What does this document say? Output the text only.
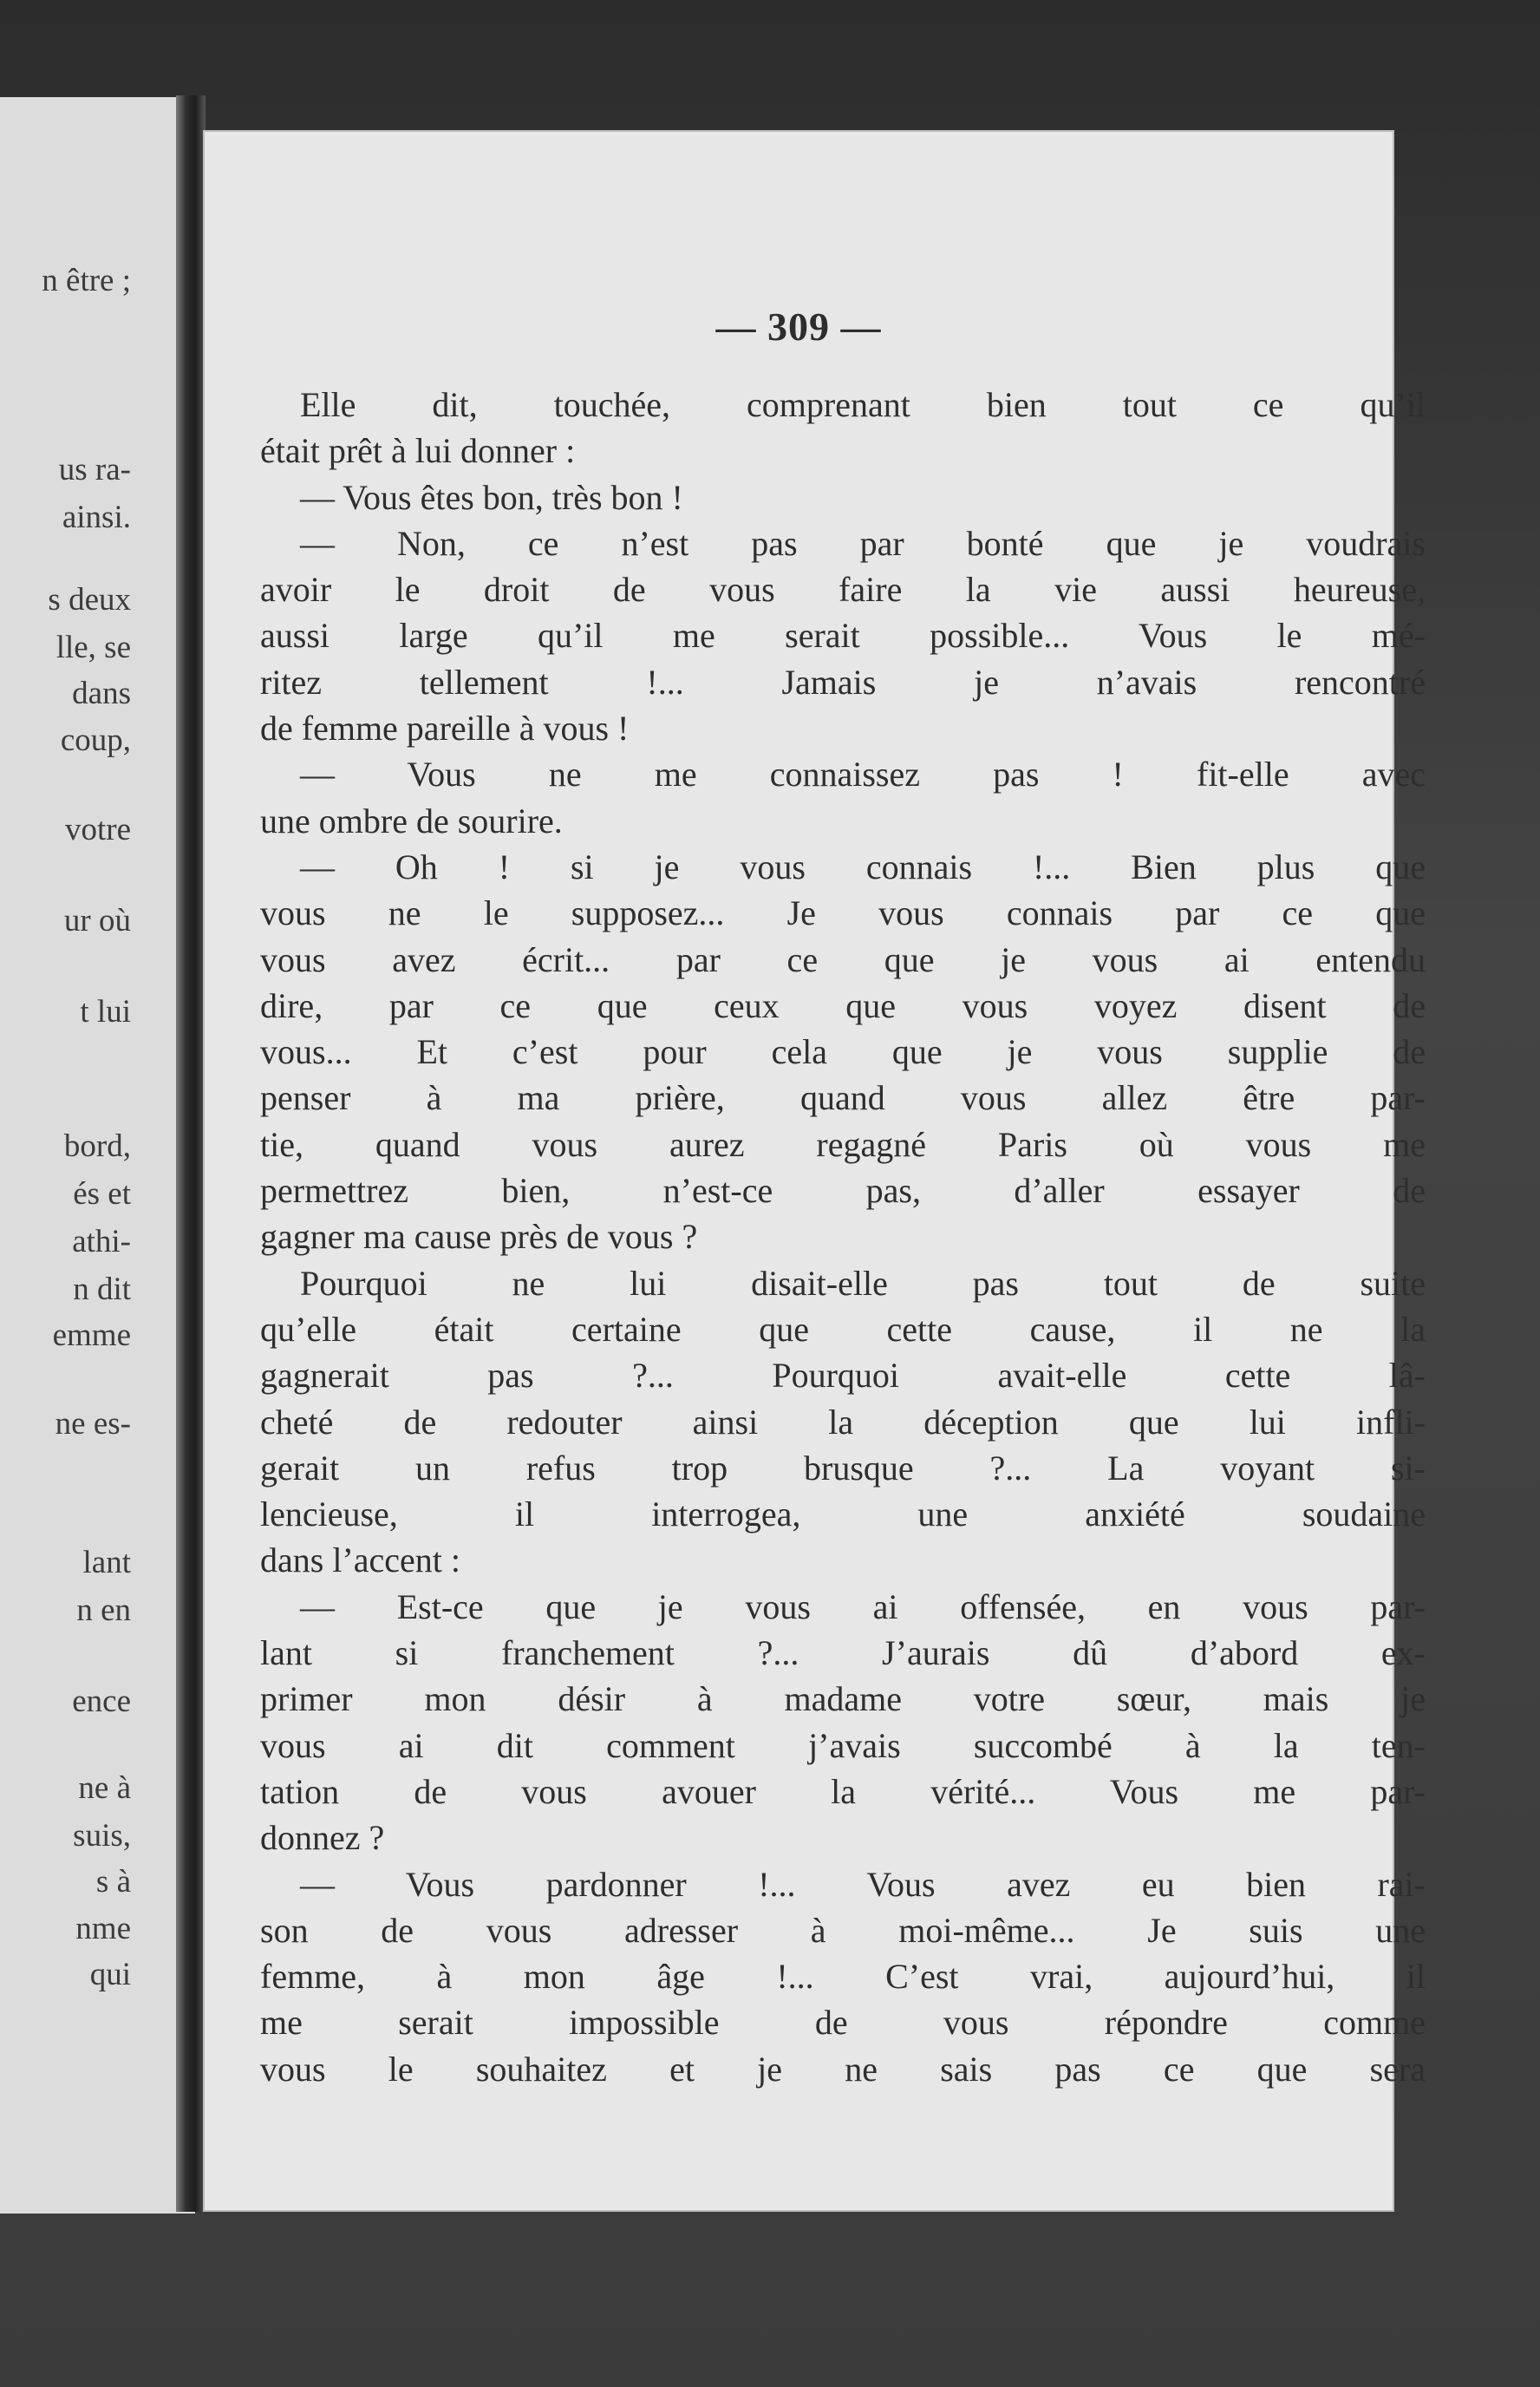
n être ;
us ra-
ainsi.
s deux
lle, se
dans
coup,
votre
ur où
t lui
bord,
és et
athi-
n dit
emme
ne es-
lant
n en
ence
ne à
suis,
s à
nme
qui
— 309 —
Elle dit, touchée, comprenant bien tout ce qu’il
était prêt à lui donner :
— Vous êtes bon, très bon !
— Non, ce n’est pas par bonté que je voudrais
avoir le droit de vous faire la vie aussi heureuse,
aussi large qu’il me serait possible... Vous le mé-
ritez tellement !... Jamais je n’avais rencontré
de femme pareille à vous !
— Vous ne me connaissez pas ! fit-elle avec
une ombre de sourire.
— Oh ! si je vous connais !... Bien plus que
vous ne le supposez... Je vous connais par ce que
vous avez écrit... par ce que je vous ai entendu
dire, par ce que ceux que vous voyez disent de
vous... Et c’est pour cela que je vous supplie de
penser à ma prière, quand vous allez être par-
tie, quand vous aurez regagné Paris où vous me
permettrez bien, n’est-ce pas, d’aller essayer de
gagner ma cause près de vous ?
Pourquoi ne lui disait-elle pas tout de suite
qu’elle était certaine que cette cause, il ne la
gagnerait pas ?... Pourquoi avait-elle cette lâ-
cheté de redouter ainsi la déception que lui infli-
gerait un refus trop brusque ?... La voyant si-
lencieuse, il interrogea, une anxiété soudaine
dans l’accent :
— Est-ce que je vous ai offensée, en vous par-
lant si franchement ?... J’aurais dû d’abord ex-
primer mon désir à madame votre sœur, mais je
vous ai dit comment j’avais succombé à la ten-
tation de vous avouer la vérité... Vous me par-
donnez ?
— Vous pardonner !... Vous avez eu bien rai-
son de vous adresser à moi-même... Je suis une
femme, à mon âge !... C’est vrai, aujourd’hui, il
me serait impossible de vous répondre comme
vous le souhaitez et je ne sais pas ce que sera
